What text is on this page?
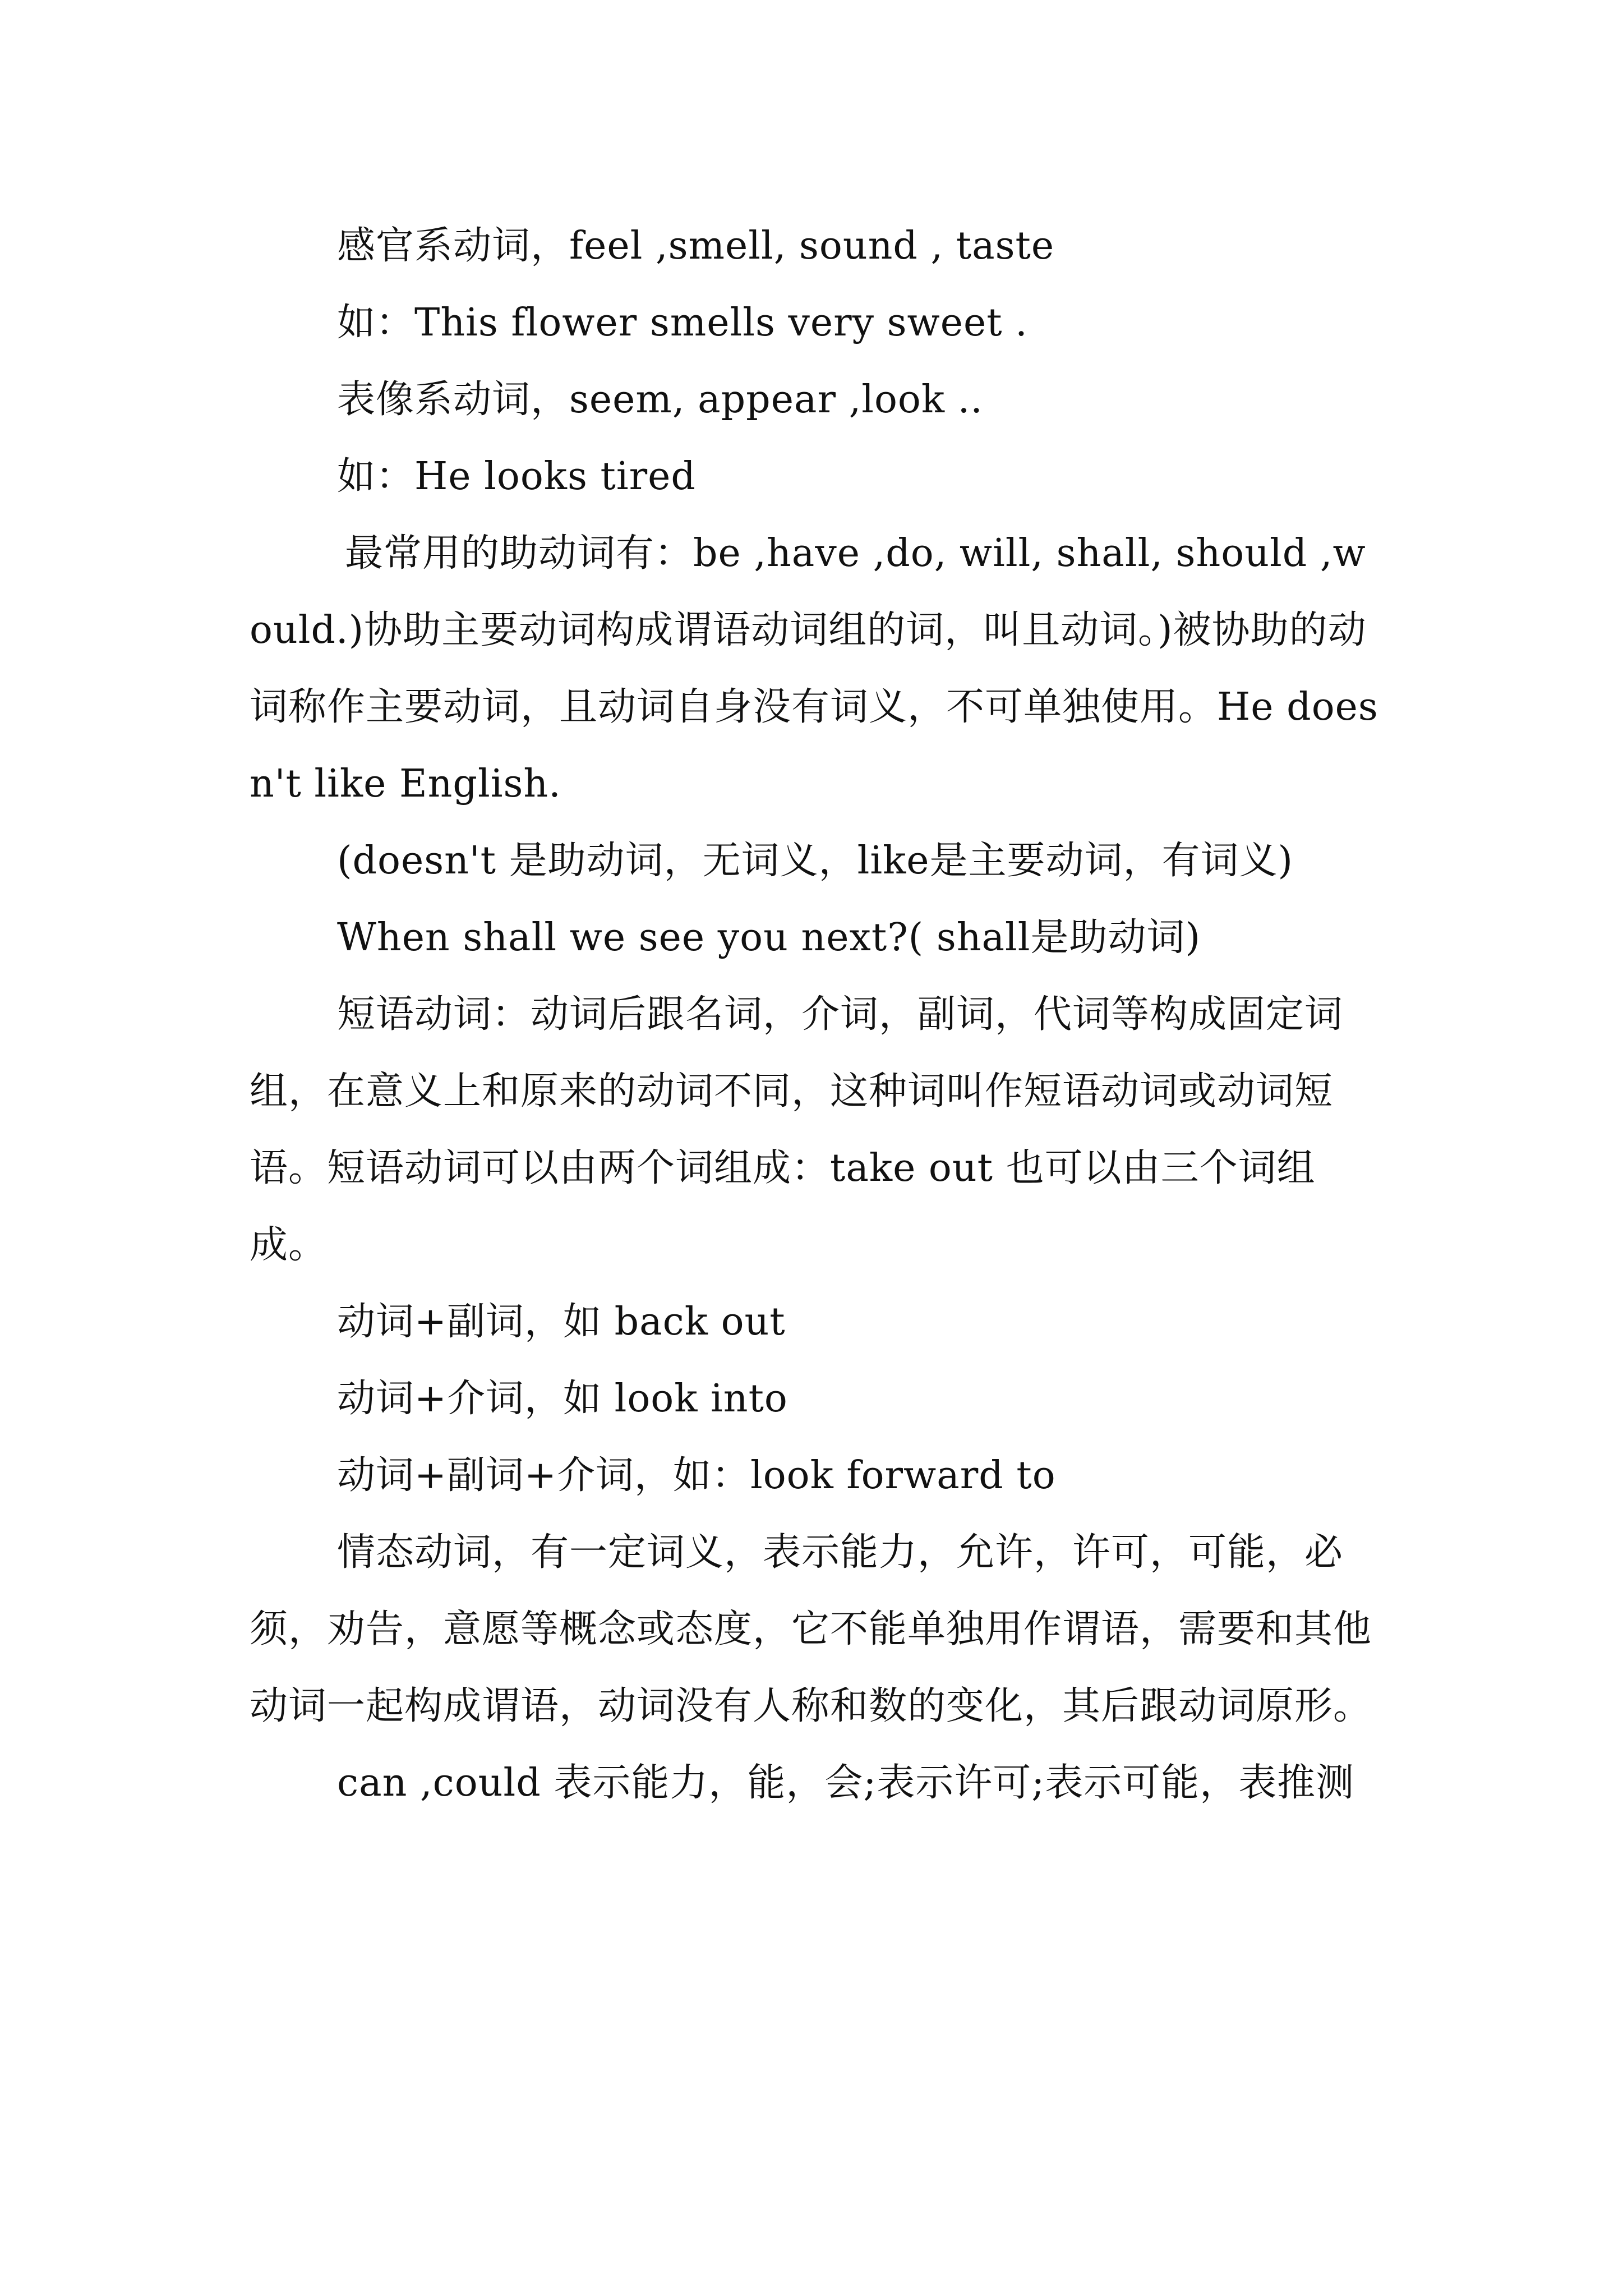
感官系动词，feel ,smell, sound , taste

如：This flower smells very sweet .

表像系动词，seem, appear ,look ..

如：He looks tired

最常用的助动词有：be ,have ,do, will, shall, should ,would.)协助主要动词构成谓语动词组的词，叫且动词。)被协助的动词称作主要动词，且动词自身没有词义，不可单独使用。He doesn't like English.

(doesn't 是助动词，无词义，like是主要动词，有词义)

When shall we see you next?( shall是助动词)

短语动词：动词后跟名词，介词，副词，代词等构成固定词组，在意义上和原来的动词不同，这种词叫作短语动词或动词短语。短语动词可以由两个词组成：take out 也可以由三个词组成。

动词+副词，如 back out

动词+介词，如 look into

动词+副词+介词，如：look forward to

情态动词，有一定词义，表示能力，允许，许可，可能，必须，劝告，意愿等概念或态度，它不能单独用作谓语，需要和其他动词一起构成谓语，动词没有人称和数的变化，其后跟动词原形。

can ,could 表示能力，能，会;表示许可;表示可能，表推测
